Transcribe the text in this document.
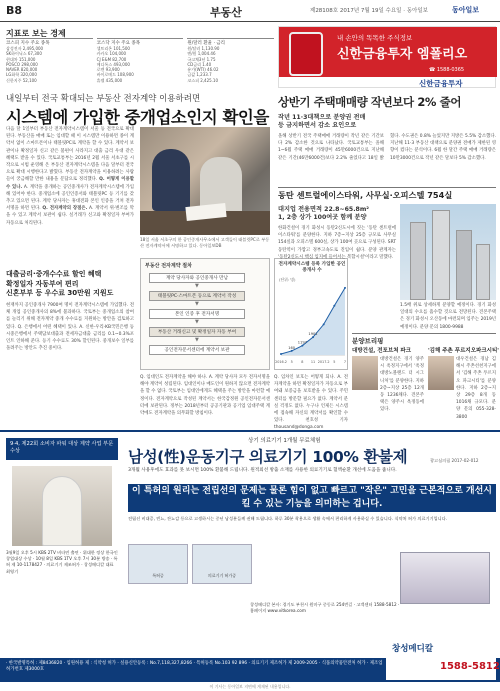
B8	부동산	제28108호 2017년 7월 19일 수요일 · 동아일보	동아일보
지표로 보는 경제
코스피 지수 주요 종목
삼성전자 2,495,000
SK하이닉스 67,300
현대차 151,000
POSCO 298,000
NAVER 820,000
LG화학 320,000
신한지주 52,100
코스닥 지수 주요 종목
셀트리온 101,500
카카오 104,000
CJ E&M 82,700
메디톡스 493,000
로엔 93,900
바이로메드 108,900
휴젤 435,000
원/달러 환율 · 금리
원/달러 1,130.90
엔/원 1,004.46
국고채3년 1.75
CD금리 1.40
유가(WTI) 46.02
금값 1,233.7
코스피 2,425.10
내 손안의 똑똑한 주식정보
신한금융투자 엠폴리오
☎ 1588-0365
신한금융투자
내일부터 전국 확대되는 부동산 전자계약 이용하려면
시스템에 가입한 중개업소인지 확인을
다음 달 1일부터 부동산 전자계약시스템이 서울 등 전국으로 확대된다. 부동산을 매매 또는 임대할 때 이 시스템만 이용하면 종이 계약서 없이 스마트폰이나 태블릿PC로 계약을 할 수 있다. 계약서 보관이나 확정일자 신고 같은 불편이 사라지고 대출 금리 우대 같은 혜택도 받을 수 있다. 국토교통부는 2016년 2월 서울 서초구를 시작으로 시범 운영해 온 부동산 전자계약시스템을 다음 달부터 전국으로 확대 시행한다고 밝혔다. 부동산 전자계약을 이용하려는 사람들이 궁금해할 만한 내용을 문답으로 정리했다. Q. 어떻게 이용할 수 있나. A. 계약을 중개하는 공인중개사가 전자계약시스템에 가입해 있어야 한다. 중개업소에 공인인증서와 태블릿PC 등 기기를 갖추고 있으면 된다. 계약 당사자는 휴대전화 본인 인증을 거쳐 전자서명을 하면 된다. Q. 전자계약의 장점은. A. 계약서 위·변조를 막을 수 있고 계약서 보관이 쉽다. 실거래가 신고와 확정일자 부여가 자동으로 처리된다.
대출금리·중개수수료 할인 혜택
확정일자 자동부여 편리
신혼부부 등 우수료 30만원 지원도
현재까지 공인중개사 7900여 명이 전자계약시스템에 가입했다. 전체 개업 공인중개사의 8%에 불과하다. 국토부는 중개업소의 참여를 늘리기 위해 전자계약 중개 수수료를 지원하는 방안을 검토하고 있다. Q. 은행에서 어떤 혜택이 있나. A. 신한·우리·KB국민은행 등 시중은행에서 주택담보대출과 전세자금대출 금리를 0.1~0.3%포인트 인하해 준다. 등기 수수료도 30% 할인된다. 중개보수 일부를 돌려주는 방안도 추진 중이다.
18일 서울 서초구의 한 공인중개사무소에서 고객들이 태블릿PC로 부동산 전자계약서에 서명하고 있다. 동아일보DB
부동산 전자계약 절차
계약 당사자와 공인중개사 만남
▼
태블릿PC·스마트폰 등으로 계약서 작성
▼
본인 인증 후 전자서명
▼
부동산 거래신고 및 확정일자 자동 부여
▼
공인전자문서센터에 계약서 보관
전자계약시스템 등록 가입한 공인중개사 수
(단위: 명)
2016.2 5 8 11 2017.2 5 7
160
1197
1901
Q. 임대인도 전자계약을 해야 하나. A. 계약 당사자 모두 전자서명을 해야 계약이 성립된다. 임대인이나 매도인이 원하지 않으면 전자계약을 할 수 없다. 국토부는 임대인에게도 혜택을 주는 방안을 마련할 예정이다. 전자계약으로 작성된 계약서는 한국감정원 공인전자문서센터에 보관된다. 정부는 2018년부터 공공기관과 공기업 임대주택 계약에도 전자계약을 의무화할 방침이다.
Q. 임차인 보호는 어떻게 되나. A. 전자계약을 하면 확정일자가 자동으로 부여돼 보증금을 보호받을 수 있다. 주민센터를 방문할 필요가 없다. 계약서 분실 걱정도 없다. 누구나 언제든 시스템에 접속해 자신의 계약서를 확인할 수 있다. 천호성 기자 thousand@donga.com
상반기 주택매매량 작년보다 2% 줄어
작년 11·3대책으로 분양권 전매
등 금지하면서 감소 요인으로
올해 상반기 전국 주택매매 거래량이 작년 같은 기간보다 2% 감소한 것으로 나타났다. 국토교통부는 올해 1~6월 주택 매매 거래량이 45만6000건으로 지난해 같은 기간(46만6000건)보다 2.2% 줄었다고 18일 밝혔다. 수도권은 0.8% 늘었지만 지방은 5.5% 감소했다. 지난해 11·3 부동산 대책으로 분양권 전매가 제한된 영향이 컸다는 분석이다. 6월 한 달간 주택 매매 거래량은 10만3000건으로 작년 같은 달보다 5% 감소했다.
동탄 센트럴에이스타워, 사무실·오피스텔 754실
대지업 전용면적 22.8~65.8m²
1, 2층 상가 100여곳 함께 분양
한화건설이 경기 화성시 동탄2신도시에 짓는 '동탄 센트럴에이스타워'를 분양한다. 지하 7층~지상 25층 규모로 사무실 154실과 오피스텔 600실, 상가 100여 곳으로 구성된다. SRT 동탄역이 가깝고 경부고속도로 진입이 쉽다. 분양 관계자는 '동탄2신도시 핵심 입지에 들어서는 복합시설'이라고 말했다.
1.5배 위로 상세하게 분양할 예정이다. 경기 화성 일대의 수요를 흡수할 것으로 전망된다. 견본주택은 경기 화성시 오산동에 마련되며 입주는 2019년 예정이다. 분양 문의 1800-9988
분양브리핑
대방건설, 전포브쳐 파크
대방건설은 경기 양주시 옥정지구에서 '옥정 대방노블랜드 더 시그니처'를 분양한다. 지하 2층~지상 25층 12개 동 1236채다. 견본주택은 양주시 옥정동에 있다.
'김해 주촌 푸르지오파크시티'
대우건설은 경남 김해시 주촌선천지구에서 '김해 주촌 푸르지오 파크시티'를 분양한다. 지하 2층~지상 29층 8개 동 1016채 규모다. 분양 문의 055-328-3800
9·4, 제22회 소비자 파워 대상 제약 사업 부문 수상
3월9일 오후 5시 KBS 2TV 비타민 출연 · 위대한 정상 한국인 창업대상 수상 · 10월 8일 KBS 1TV 오후 7시 30분 방송 · 특허 제 10-1178427 · 의료기기 제조허가 · 창성메디칼 대표 최영기
상기 의료기기 1개월 무료체험
남성(性)운동기구 의료기기 100% 환불제	광고심의필 2017-02-012
3개월 사용후에도 효과를 못 보시면 100% 환불해 드립니다. 원적외선 방출 소재를 사용한 의료기기로 혈액순환 개선에 도움을 줍니다.
이 특허의 원리는 전립선의 문제는 물론 힘이 없고 빠르고 "작은" 고민을 근본적으로 개선시킬 수 있는 기능을 의미하는 겁니다.
전립선 비대증, 빈뇨, 잔뇨감 등으로 고생하시는 중년 남성분들께 권해 드립니다. 하루 30분 착용으로 생활 속에서 편리하게 사용하실 수 있습니다. 식약처 허가 의료기기입니다.
특허증	의료기기 허가증
창성메디칼 본사: 경기도 부천시 원미구 중동로 254번길 · 고객센터 1588-5812 · 홈페이지 www.vitkorea.com
· 한국발명특허 : 제8436820 · 입원허용 제 : 식약청 허가 · 실용신안등록 : No.7,118,327,8266 · 특허등록 No.103 92 896 · 의료기기 제조허가 제 2009-2005 · 식품의약품안전처 허가 · 제조업 허가번호 제3000호
창성메디칼
1588-5812
이 기사는 동아일보 지면에 게재된 내용입니다.
